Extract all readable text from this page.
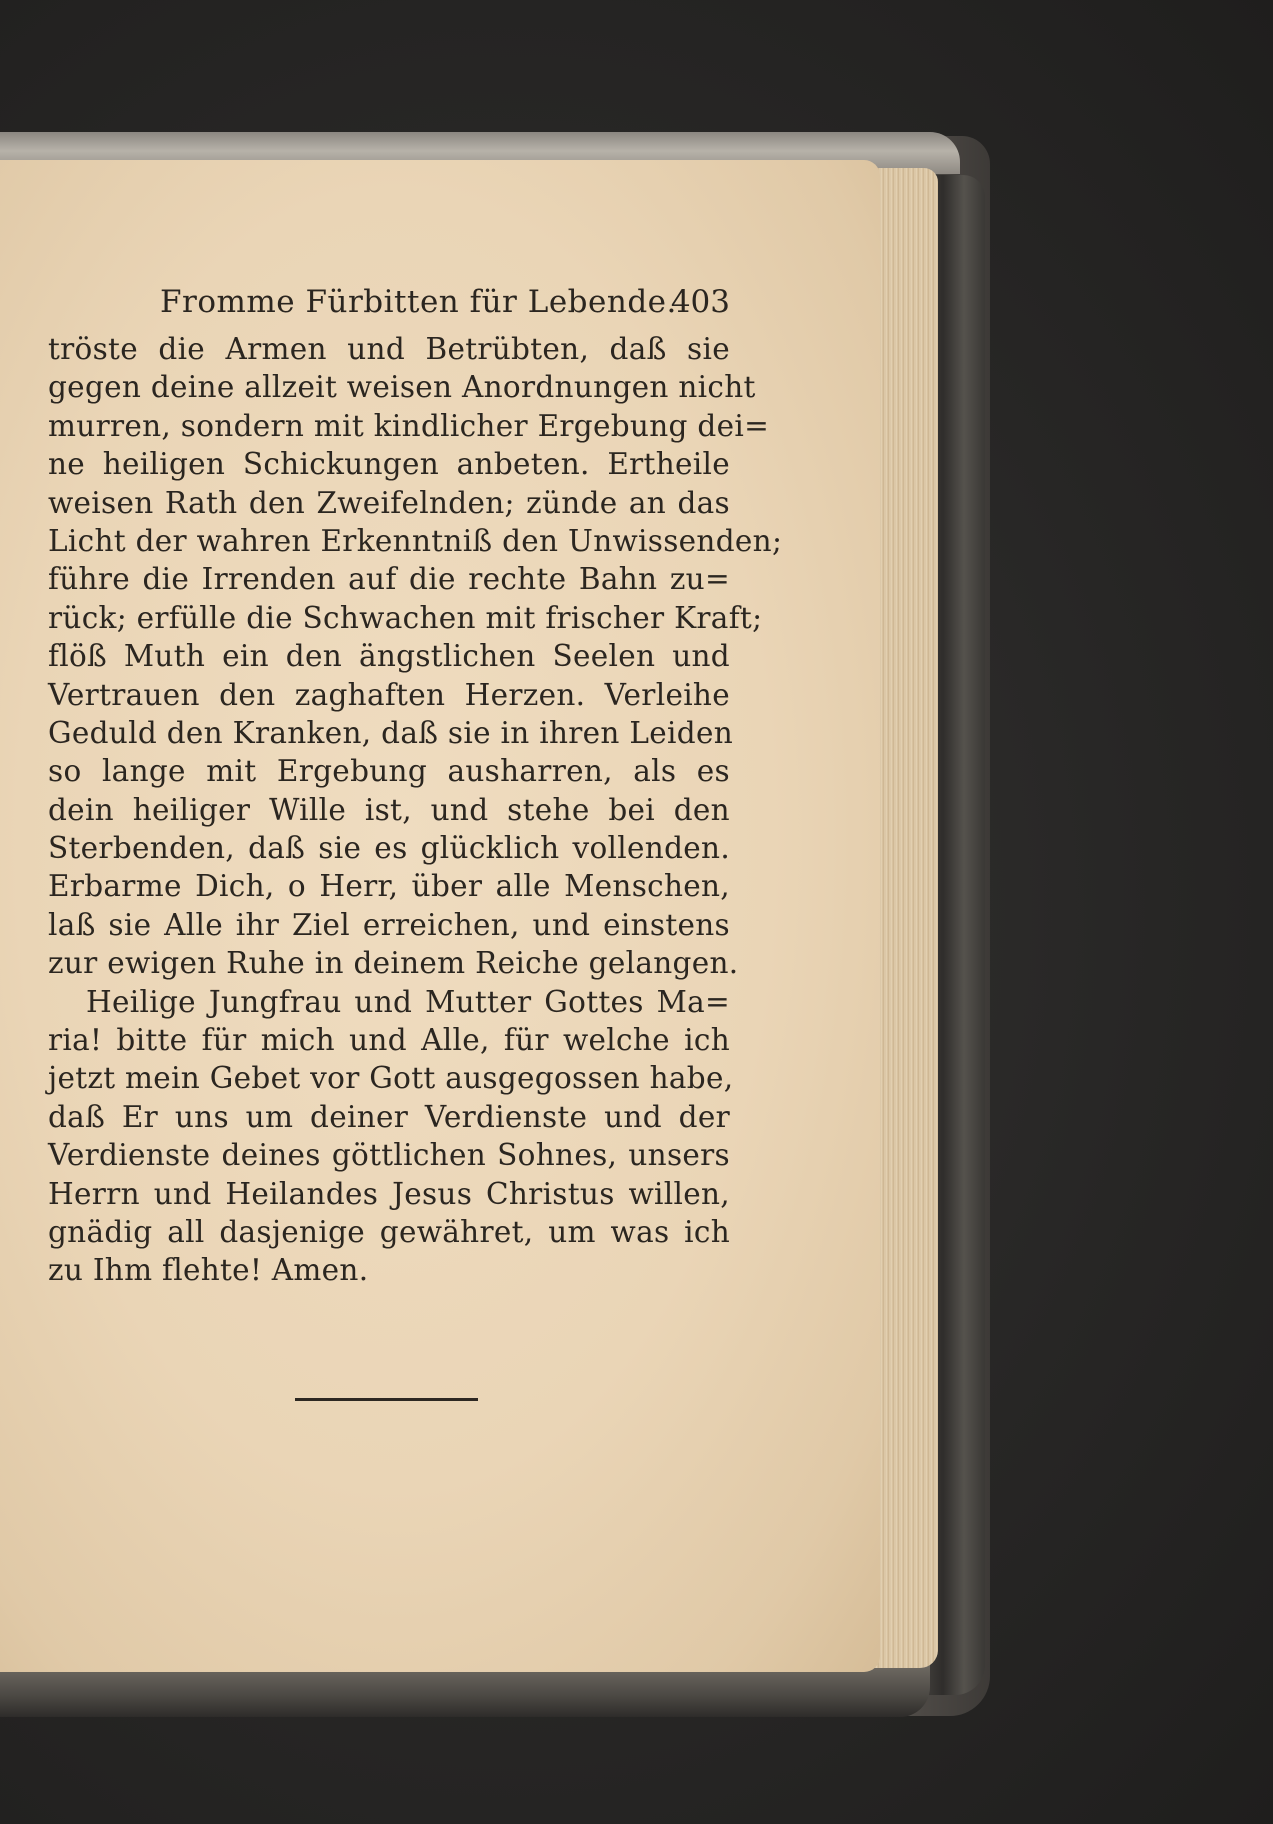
Fromme Fürbitten für Lebende.
403
tröste die Armen und Betrübten, daß sie
gegen deine allzeit weisen Anordnungen nicht
murren, sondern mit kindlicher Ergebung dei=
ne heiligen Schickungen anbeten. Ertheile
weisen Rath den Zweifelnden; zünde an das
Licht der wahren Erkenntniß den Unwissenden;
führe die Irrenden auf die rechte Bahn zu=
rück; erfülle die Schwachen mit frischer Kraft;
flöß Muth ein den ängstlichen Seelen und
Vertrauen den zaghaften Herzen. Verleihe
Geduld den Kranken, daß sie in ihren Leiden
so lange mit Ergebung ausharren, als es
dein heiliger Wille ist, und stehe bei den
Sterbenden, daß sie es glücklich vollenden.
Erbarme Dich, o Herr, über alle Menschen,
laß sie Alle ihr Ziel erreichen, und einstens
zur ewigen Ruhe in deinem Reiche gelangen.
Heilige Jungfrau und Mutter Gottes Ma=
ria! bitte für mich und Alle, für welche ich
jetzt mein Gebet vor Gott ausgegossen habe,
daß Er uns um deiner Verdienste und der
Verdienste deines göttlichen Sohnes, unsers
Herrn und Heilandes Jesus Christus willen,
gnädig all dasjenige gewähret, um was ich
zu Ihm flehte! Amen.
